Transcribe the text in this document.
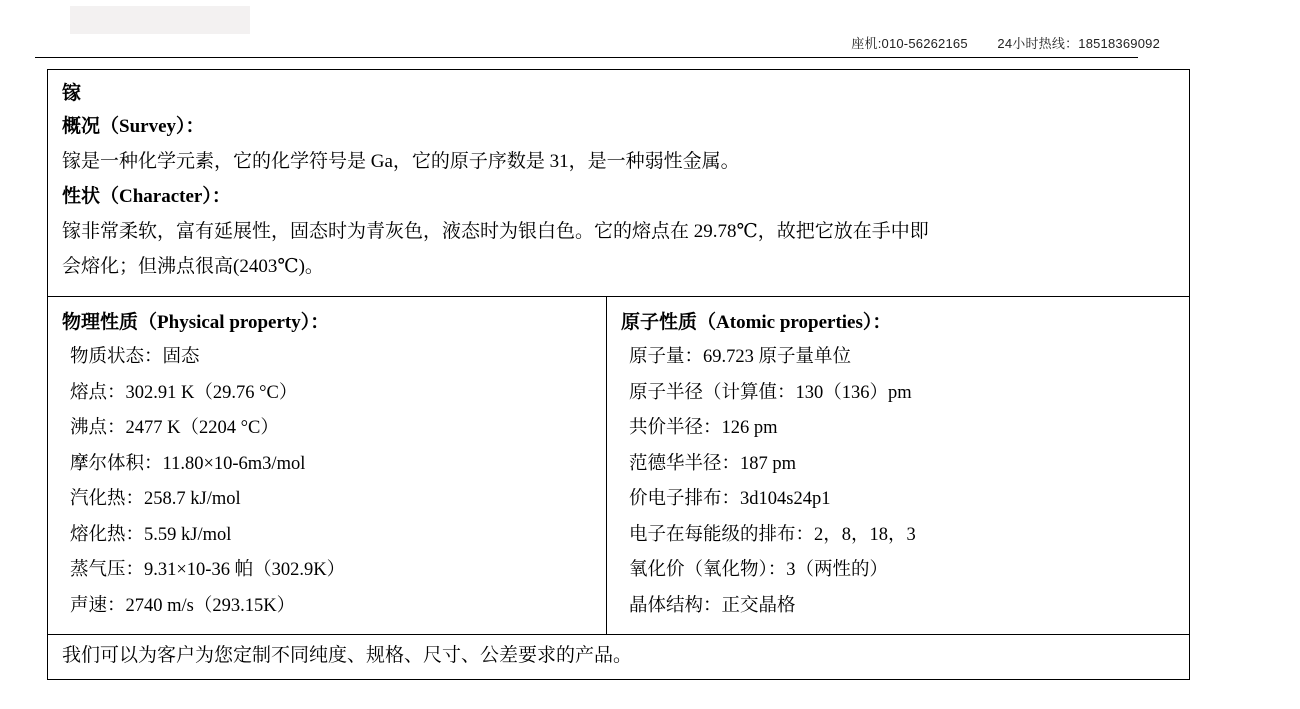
座机:010-56262165 24小时热线：18518369092
镓
概况（Survey）：
镓是一种化学元素，它的化学符号是 Ga，它的原子序数是 31，是一种弱性金属。
性状（Character）：
镓非常柔软，富有延展性，固态时为青灰色，液态时为银白色。它的熔点在 29.78℃，故把它放在手中即
会熔化；但沸点很高(2403℃)。

物理性质（Physical property）：
物质状态：固态
熔点：302.91 K（29.76 °C）
沸点：2477 K（2204 °C）
摩尔体积：11.80×10-6m3/mol
汽化热：258.7 kJ/mol
熔化热：5.59 kJ/mol
蒸气压：9.31×10-36 帕（302.9K）
声速：2740 m/s（293.15K）

原子性质（Atomic properties）：
原子量：69.723 原子量单位
原子半径（计算值：130（136）pm
共价半径：126 pm
范德华半径：187 pm
价电子排布：3d104s24p1
电子在每能级的排布：2，8，18，3
氧化价（氧化物）：3（两性的）
晶体结构：正交晶格

我们可以为客户为您定制不同纯度、规格、尺寸、公差要求的产品。
